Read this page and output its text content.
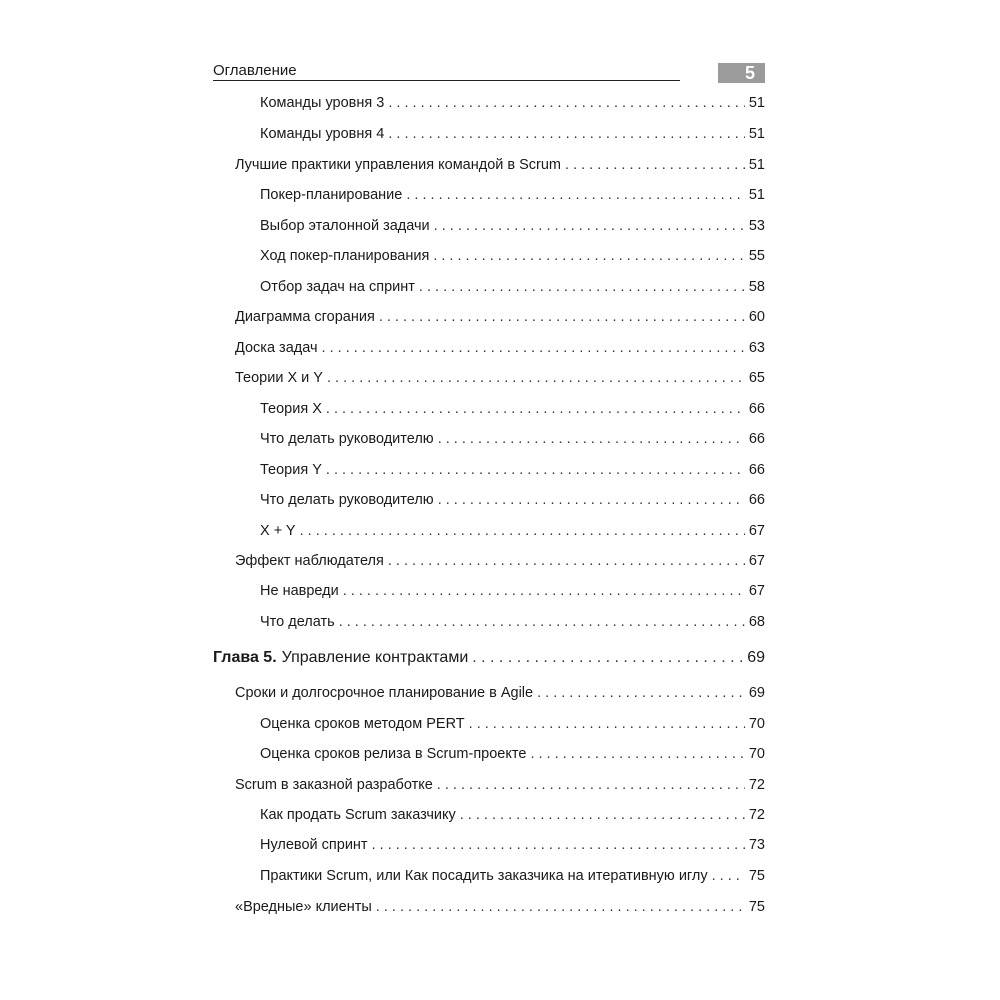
Оглавление	5
Команды уровня 3 . . .	51
Команды уровня 4 . . .	51
Лучшие практики управления командой в Scrum . . .	51
Покер-планирование . . .	51
Выбор эталонной задачи . . .	53
Ход покер-планирования . . .	55
Отбор задач на спринт . . .	58
Диаграмма сгорания . . .	60
Доска задач . . .	63
Теории X и Y . . .	65
Теория X . . .	66
Что делать руководителю . . .	66
Теория Y . . .	66
Что делать руководителю . . .	66
X + Y . . .	67
Эффект наблюдателя . . .	67
Не навреди . . .	67
Что делать . . .	68
Глава 5. Управление контрактами . . .	69
Сроки и долгосрочное планирование в Agile . . .	69
Оценка сроков методом PERT . . .	70
Оценка сроков релиза в Scrum-проекте . . .	70
Scrum в заказной разработке . . .	72
Как продать Scrum заказчику . . .	72
Нулевой спринт . . .	73
Практики Scrum, или Как посадить заказчика на итеративную иглу . . .	75
«Вредные» клиенты . . .	75
